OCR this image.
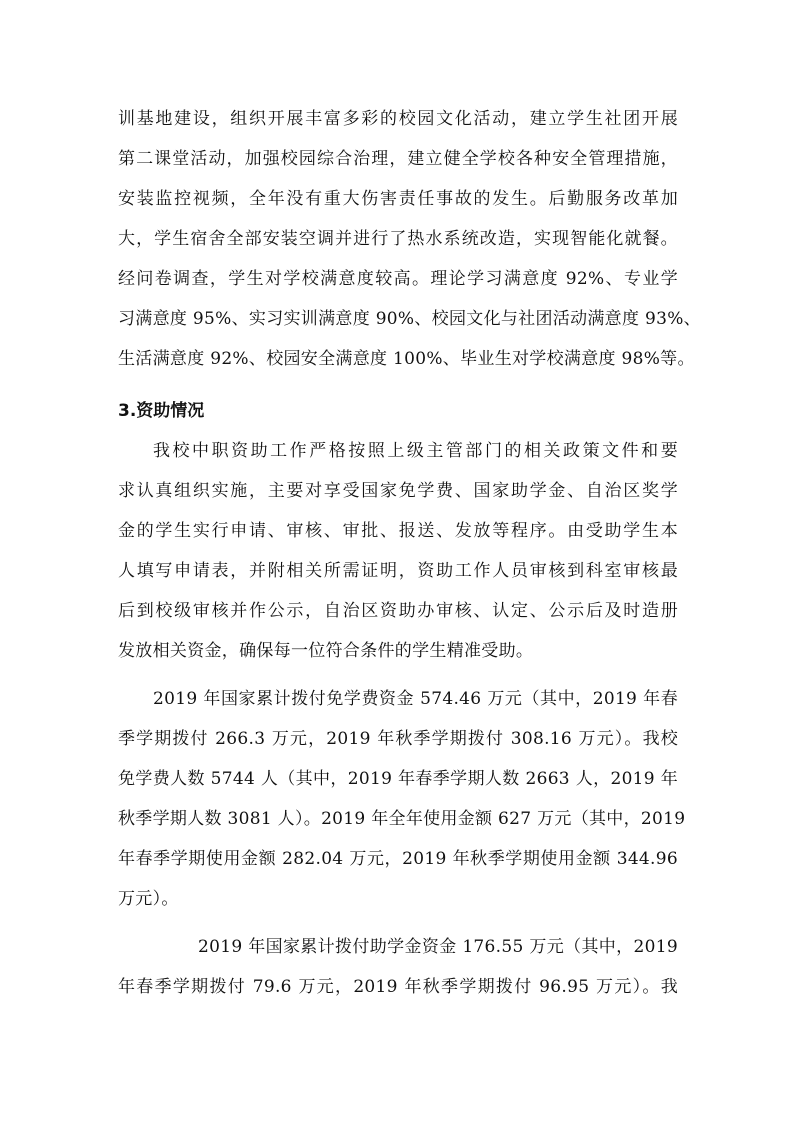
训基地建设，组织开展丰富多彩的校园文化活动，建立学生社团开展
第二课堂活动，加强校园综合治理，建立健全学校各种安全管理措施，
安装监控视频，全年没有重大伤害责任事故的发生。后勤服务改革加
大，学生宿舍全部安装空调并进行了热水系统改造，实现智能化就餐。
经问卷调查，学生对学校满意度较高。理论学习满意度 92%、专业学
习满意度 95%、实习实训满意度 90%、校园文化与社团活动满意度 93%、
生活满意度 92%、校园安全满意度 100%、毕业生对学校满意度 98%等。
3.资助情况
我校中职资助工作严格按照上级主管部门的相关政策文件和要
求认真组织实施，主要对享受国家免学费、国家助学金、自治区奖学
金的学生实行申请、审核、审批、报送、发放等程序。由受助学生本
人填写申请表，并附相关所需证明，资助工作人员审核到科室审核最
后到校级审核并作公示，自治区资助办审核、认定、公示后及时造册
发放相关资金，确保每一位符合条件的学生精准受助。
2019 年国家累计拨付免学费资金 574.46 万元（其中，2019 年春
季学期拨付 266.3 万元，2019 年秋季学期拨付 308.16 万元）。我校
免学费人数 5744 人（其中，2019 年春季学期人数 2663 人，2019 年
秋季学期人数 3081 人）。2019 年全年使用金额 627 万元（其中，2019
年春季学期使用金额 282.04 万元，2019 年秋季学期使用金额 344.96
万元）。
2019 年国家累计拨付助学金资金 176.55 万元（其中，2019
年春季学期拨付 79.6 万元，2019 年秋季学期拨付 96.95 万元）。我
